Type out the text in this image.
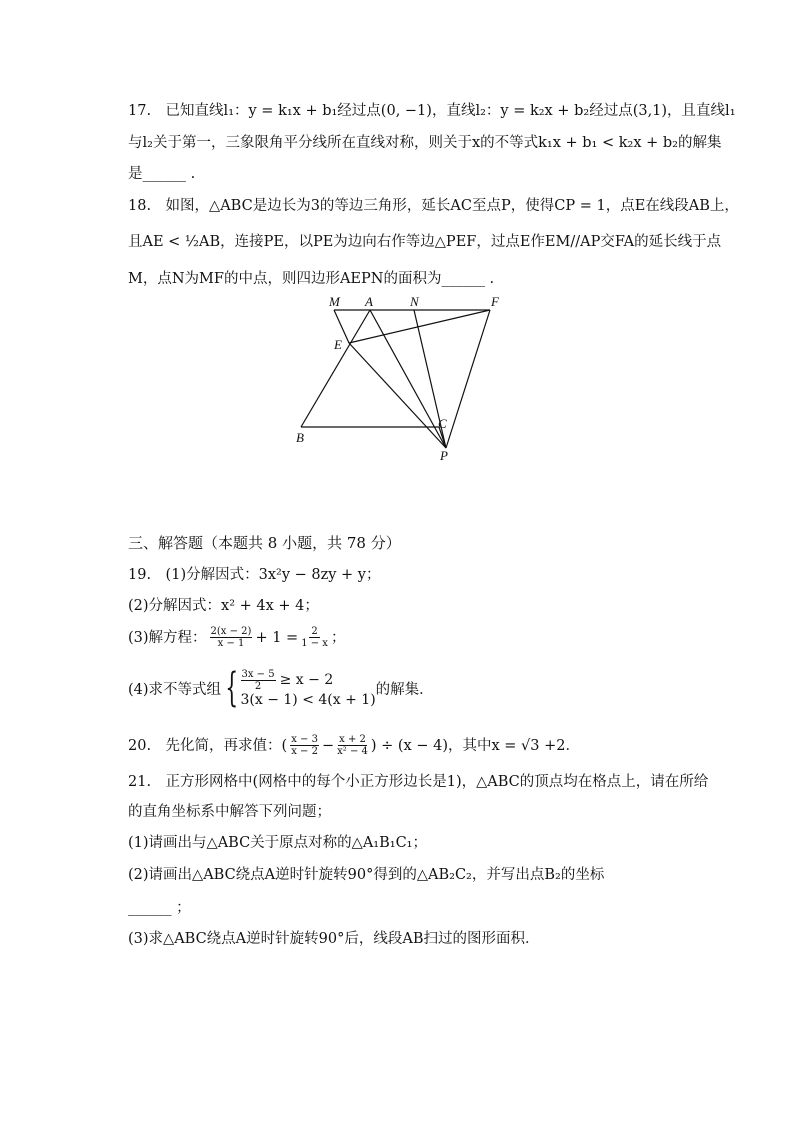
17.　已知直线l₁：y = k₁x + b₁经过点(0, −1)，直线l₂：y = k₂x + b₂经过点(3,1)，且直线l₁
与l₂关于第一，三象限角平分线所在直线对称，则关于x的不等式k₁x + b₁ < k₂x + b₂的解集
是______ .
18.　如图，△ABC是边长为3的等边三角形，延长AC至点P，使得CP = 1，点E在线段AB上，
且AE < ½AB，连接PE，以PE为边向右作等边△PEF，过点E作EM//AP交FA的延长线于点
M，点N为MF的中点，则四边形AEPN的面积为______ .
M A	N	F
E
B
C
P
三、解答题（本题共 8 小题，共 78 分）
19.　(1)分解因式：3x²y − 8zy + y；
(2)分解因式：x² + 4x + 4；
(3)解方程： $\frac{2(x - 2)}{x - 1} + 1 = \frac{2}{1 - x}$ ；
(4)求不等式组 { $\frac{3x - 5}{2} \ge x - 2$
3(x − 1) < 4(x + 1)
的解集．
20.　先化简，再求值：( $\frac{x - 3}{x - 2} - \frac{x + 2}{\text{x² − 4}}$ ) ÷ (x − 4)，其中x = √3 +2．
21.　正方形网格中(网格中的每个小正方形边长是1)，△ABC的顶点均在格点上，请在所给
的直角坐标系中解答下列问题；
(1)请画出与△ABC关于原点对称的△A₁B₁C₁；
(2)请画出△ABC绕点A逆时针旋转90°得到的△AB₂C₂，并写出点B₂的坐标
______ ；
(3)求△ABC绕点A逆时针旋转90°后，线段AB扫过的图形面积．
